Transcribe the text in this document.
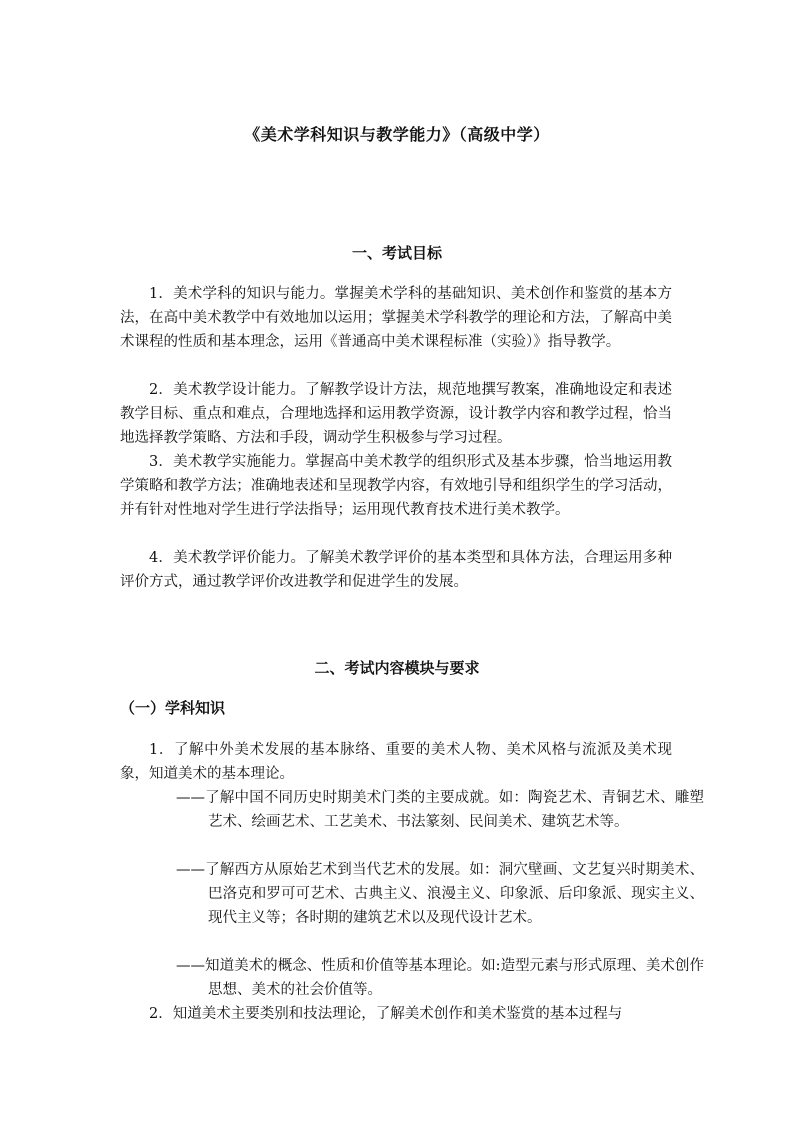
《美术学科知识与教学能力》（高级中学）
一、考试目标

1．美术学科的知识与能力。掌握美术学科的基础知识、美术创作和鉴赏的基本方法，在高中美术教学中有效地加以运用；掌握美术学科教学的理论和方法，了解高中美术课程的性质和基本理念，运用《普通高中美术课程标准（实验）》指导教学。

2．美术教学设计能力。了解教学设计方法，规范地撰写教案，准确地设定和表述教学目标、重点和难点，合理地选择和运用教学资源，设计教学内容和教学过程，恰当地选择教学策略、方法和手段，调动学生积极参与学习过程。

3．美术教学实施能力。掌握高中美术教学的组织形式及基本步骤，恰当地运用教学策略和教学方法；准确地表述和呈现教学内容，有效地引导和组织学生的学习活动，并有针对性地对学生进行学法指导；运用现代教育技术进行美术教学。

4．美术教学评价能力。了解美术教学评价的基本类型和具体方法，合理运用多种评价方式，通过教学评价改进教学和促进学生的发展。

二、考试内容模块与要求
（一）学科知识

1．了解中外美术发展的基本脉络、重要的美术人物、美术风格与流派及美术现象，知道美术的基本理论。

——了解中国不同历史时期美术门类的主要成就。如：陶瓷艺术、青铜艺术、雕塑艺术、绘画艺术、工艺美术、书法篆刻、民间美术、建筑艺术等。

——了解西方从原始艺术到当代艺术的发展。如：洞穴壁画、文艺复兴时期美术、巴洛克和罗可可艺术、古典主义、浪漫主义、印象派、后印象派、现实主义、现代主义等；各时期的建筑艺术以及现代设计艺术。

——知道美术的概念、性质和价值等基本理论。如:造型元素与形式原理、美术创作思想、美术的社会价值等。

2．知道美术主要类别和技法理论，了解美术创作和美术鉴赏的基本过程与
